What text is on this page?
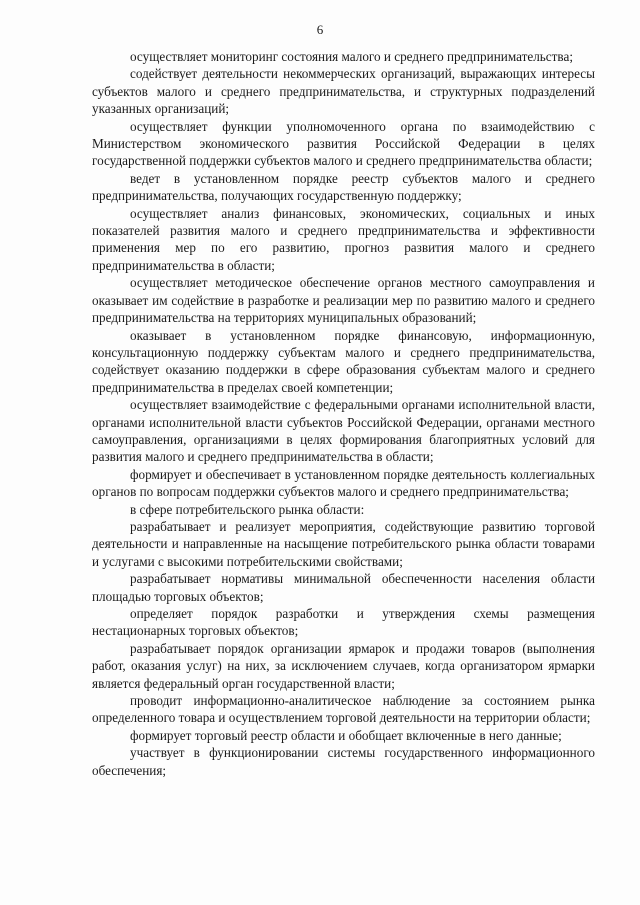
6

осуществляет мониторинг состояния малого и среднего предпринимательства;

содействует деятельности некоммерческих организаций, выражающих интересы субъектов малого и среднего предпринимательства, и структурных подразделений указанных организаций;

осуществляет функции уполномоченного органа по взаимодействию с Министерством экономического развития Российской Федерации в целях государственной поддержки субъектов малого и среднего предпринимательства области;

ведет в установленном порядке реестр субъектов малого и среднего предпринимательства, получающих государственную поддержку;

осуществляет анализ финансовых, экономических, социальных и иных показателей развития малого и среднего предпринимательства и эффективности применения мер по его развитию, прогноз развития малого и среднего предпринимательства в области;

осуществляет методическое обеспечение органов местного самоуправления и оказывает им содействие в разработке и реализации мер по развитию малого и среднего предпринимательства на территориях муниципальных образований;

оказывает в установленном порядке финансовую, информационную, консультационную поддержку субъектам малого и среднего предпринимательства, содействует оказанию поддержки в сфере образования субъектам малого и среднего предпринимательства в пределах своей компетенции;

осуществляет взаимодействие с федеральными органами исполнительной власти, органами исполнительной власти субъектов Российской Федерации, органами местного самоуправления, организациями в целях формирования благоприятных условий для развития малого и среднего предпринимательства в области;

формирует и обеспечивает в установленном порядке деятельность коллегиальных органов по вопросам поддержки субъектов малого и среднего предпринимательства;

в сфере потребительского рынка области:

разрабатывает и реализует мероприятия, содействующие развитию торговой деятельности и направленные на насыщение потребительского рынка области товарами и услугами с высокими потребительскими свойствами;

разрабатывает нормативы минимальной обеспеченности населения области площадью торговых объектов;

определяет порядок разработки и утверждения схемы размещения нестационарных торговых объектов;

разрабатывает порядок организации ярмарок и продажи товаров (выполнения работ, оказания услуг) на них, за исключением случаев, когда организатором ярмарки является федеральный орган государственной власти;

проводит информационно-аналитическое наблюдение за состоянием рынка определенного товара и осуществлением торговой деятельности на территории области;

формирует торговый реестр области и обобщает включенные в него данные;

участвует в функционировании системы государственного информационного обеспечения;
